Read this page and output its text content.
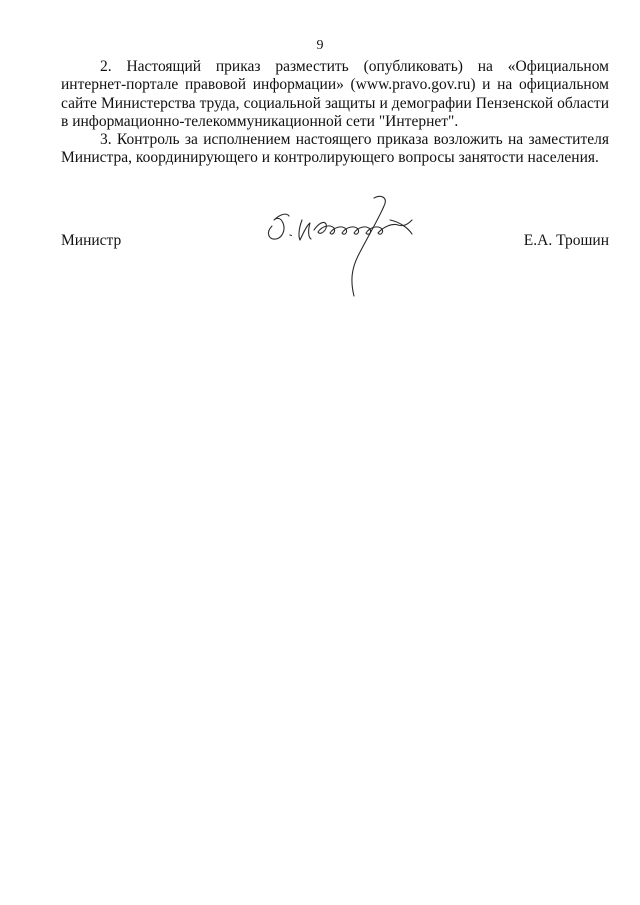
9

2. Настоящий приказ разместить (опубликовать) на «Официальном интернет-портале правовой информации» (www.pravo.gov.ru) и на официальном сайте Министерства труда, социальной защиты и демографии Пензенской области в информационно-телекоммуникационной сети "Интернет".

3. Контроль за исполнением настоящего приказа возложить на заместителя Министра, координирующего и контролирующего вопросы занятости населения.

Министр	Е.А. Трошин
